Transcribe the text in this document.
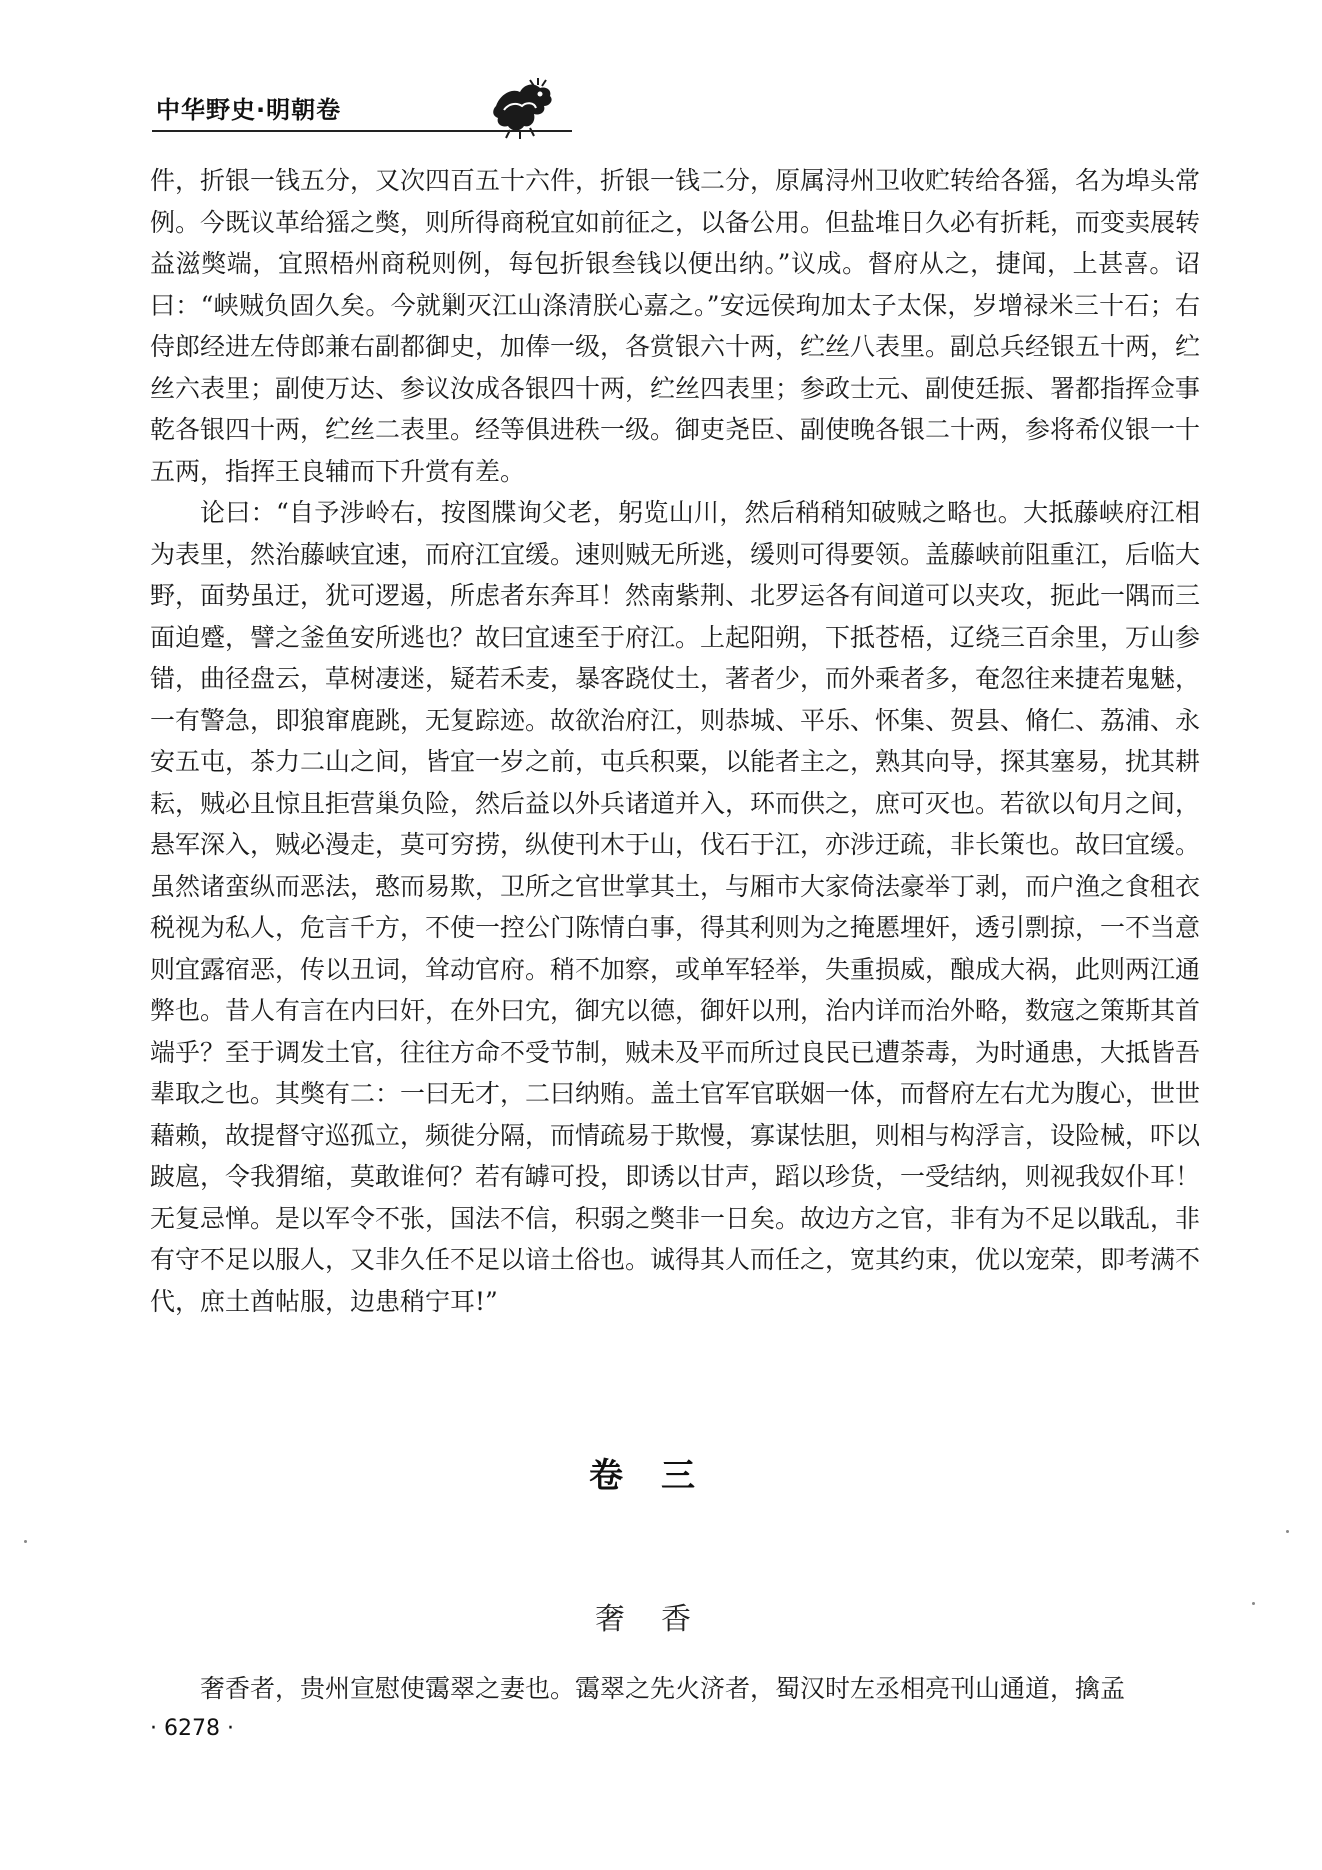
中华野史·明朝卷

件，折银一钱五分，又次四百五十六件，折银一钱二分，原属浔州卫收贮转给各猺，名为埠头常例。今既议革给猺之獘，则所得商税宜如前征之，以备公用。但盐堆日久必有折耗，而变卖展转益滋獘端，宜照梧州商税则例，每包折银叁钱以便出纳。”议成。督府从之，捷闻，上甚喜。诏曰：“峡贼负固久矣。今就剿灭江山涤清朕心嘉之。”安远侯珣加太子太保，岁增禄米三十石；右侍郎经进左侍郎兼右副都御史，加俸一级，各赏银六十两，纻丝八表里。副总兵经银五十两，纻丝六表里；副使万达、参议汝成各银四十两，纻丝四表里；参政士元、副使廷振、署都指挥佥事乾各银四十两，纻丝二表里。经等俱进秩一级。御吏尧臣、副使晚各银二十两，参将希仪银一十五两，指挥王良辅而下升赏有差。

论曰：“自予涉岭右，按图牒询父老，躬览山川，然后稍稍知破贼之略也。大抵藤峡府江相为表里，然治藤峡宜速，而府江宜缓。速则贼无所逃，缓则可得要领。盖藤峡前阻重江，后临大野，面势虽迂，犹可逻遏，所虑者东奔耳！然南紫荆、北罗运各有间道可以夹攻，扼此一隅而三面迫蹙，譬之釜鱼安所逃也？故曰宜速至于府江。上起阳朔，下抵苍梧，辽绕三百余里，万山参错，曲径盘云，草树凄迷，疑若禾麦，暴客跷仗土，著者少，而外乘者多，奄忽往来捷若鬼魅，一有警急，即狼窜鹿跳，无复踪迹。故欲治府江，则恭城、平乐、怀集、贺县、脩仁、荔浦、永安五屯，茶力二山之间，皆宜一岁之前，屯兵积粟，以能者主之，熟其向导，探其塞易，扰其耕耘，贼必且惊且拒营巢负险，然后益以外兵诸道并入，环而供之，庶可灭也。若欲以旬月之间，悬军深入，贼必漫走，莫可穷捞，纵使刊木于山，伐石于江，亦涉迂疏，非长策也。故曰宜缓。虽然诸蛮纵而恶法，憨而易欺，卫所之官世掌其土，与厢市大家倚法豪举丁剥，而户渔之食租衣税视为私人，危言千方，不使一控公门陈情白事，得其利则为之掩慝埋奸，透引剽掠，一不当意则宜露宿恶，传以丑词，耸动官府。稍不加察，或单军轻举，失重损威，酿成大祸，此则两江通弊也。昔人有言在内曰奸，在外曰宄，御宄以德，御奸以刑，治内详而治外略，数寇之策斯其首端乎？至于调发土官，往往方命不受节制，贼未及平而所过良民已遭荼毒，为时通患，大抵皆吾辈取之也。其獘有二：一曰无才，二曰纳贿。盖土官军官联姻一体，而督府左右尤为腹心，世世藉赖，故提督守巡孤立，频徙分隔，而情疏易于欺慢，寡谋怯胆，则相与构浮言，设险械，吓以跛扈，令我猬缩，莫敢谁何？若有罅可投，即诱以甘声，蹈以珍货，一受结纳，则视我奴仆耳！无复忌惮。是以军令不张，国法不信，积弱之獘非一日矣。故边方之官，非有为不足以戢乱，非有守不足以服人，又非久任不足以谙土俗也。诚得其人而任之，宽其约束，优以宠荣，即考满不代，庶土酋帖服，边患稍宁耳!”

卷三
奢香
奢香者，贵州宣慰使霭翠之妻也。霭翠之先火济者，蜀汉时左丞相亮刊山通道，擒孟
· 6278 ·
